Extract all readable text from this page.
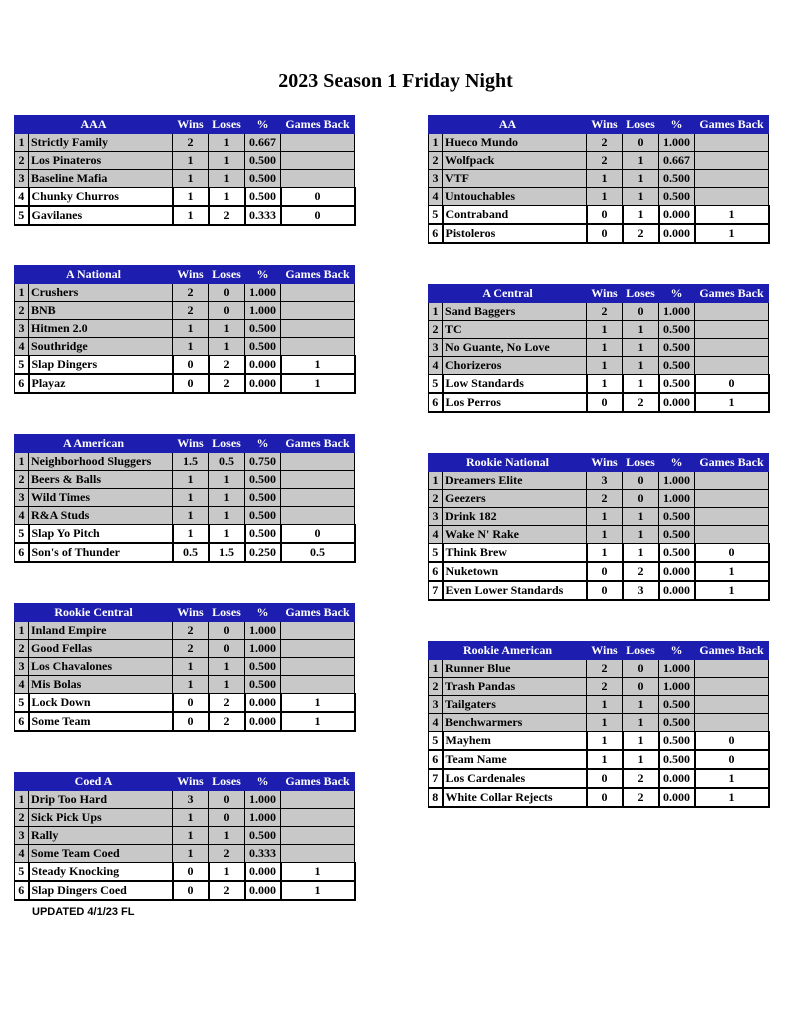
2023 Season 1 Friday Night
AAA		Wins	Loses	%	Games Back
1	Strictly Family	2	1	0.667	
2	Los Pinateros	1	1	0.500	
3	Baseline Mafia	1	1	0.500	
4	Chunky Churros	1	1	0.500	0
5	Gavilanes	1	2	0.333	0
A National		Wins	Loses	%	Games Back
1	Crushers	2	0	1.000	
2	BNB	2	0	1.000	
3	Hitmen 2.0	1	1	0.500	
4	Southridge	1	1	0.500	
5	Slap Dingers	0	2	0.000	1
6	Playaz	0	2	0.000	1
A American		Wins	Loses	%	Games Back
1	Neighborhood Sluggers	1.5	0.5	0.750	
2	Beers & Balls	1	1	0.500	
3	Wild Times	1	1	0.500	
4	R&A Studs	1	1	0.500	
5	Slap Yo Pitch	1	1	0.500	0
6	Son's of Thunder	0.5	1.5	0.250	0.5
Rookie Central		Wins	Loses	%	Games Back
1	Inland Empire	2	0	1.000	
2	Good Fellas	2	0	1.000	
3	Los Chavalones	1	1	0.500	
4	Mis Bolas	1	1	0.500	
5	Lock Down	0	2	0.000	1
6	Some Team	0	2	0.000	1
Coed A		Wins	Loses	%	Games Back
1	Drip Too Hard	3	0	1.000	
2	Sick Pick Ups	1	0	1.000	
3	Rally	1	1	0.500	
4	Some Team Coed	1	2	0.333	
5	Steady Knocking	0	1	0.000	1
6	Slap Dingers Coed	0	2	0.000	1
AA		Wins	Loses	%	Games Back
1	Hueco Mundo	2	0	1.000	
2	Wolfpack	2	1	0.667	
3	VTF	1	1	0.500	
4	Untouchables	1	1	0.500	
5	Contraband	0	1	0.000	1
6	Pistoleros	0	2	0.000	1
A Central		Wins	Loses	%	Games Back
1	Sand Baggers	2	0	1.000	
2	TC	1	1	0.500	
3	No Guante, No Love	1	1	0.500	
4	Chorizeros	1	1	0.500	
5	Low Standards	1	1	0.500	0
6	Los Perros	0	2	0.000	1
Rookie National		Wins	Loses	%	Games Back
1	Dreamers Elite	3	0	1.000	
2	Geezers	2	0	1.000	
3	Drink 182	1	1	0.500	
4	Wake N' Rake	1	1	0.500	
5	Think Brew	1	1	0.500	0
6	Nuketown	0	2	0.000	1
7	Even Lower Standards	0	3	0.000	1
Rookie American		Wins	Loses	%	Games Back
1	Runner Blue	2	0	1.000	
2	Trash Pandas	2	0	1.000	
3	Tailgaters	1	1	0.500	
4	Benchwarmers	1	1	0.500	
5	Mayhem	1	1	0.500	0
6	Team Name	1	1	0.500	0
7	Los Cardenales	0	2	0.000	1
8	White Collar Rejects	0	2	0.000	1
UPDATED 4/1/23 FL
